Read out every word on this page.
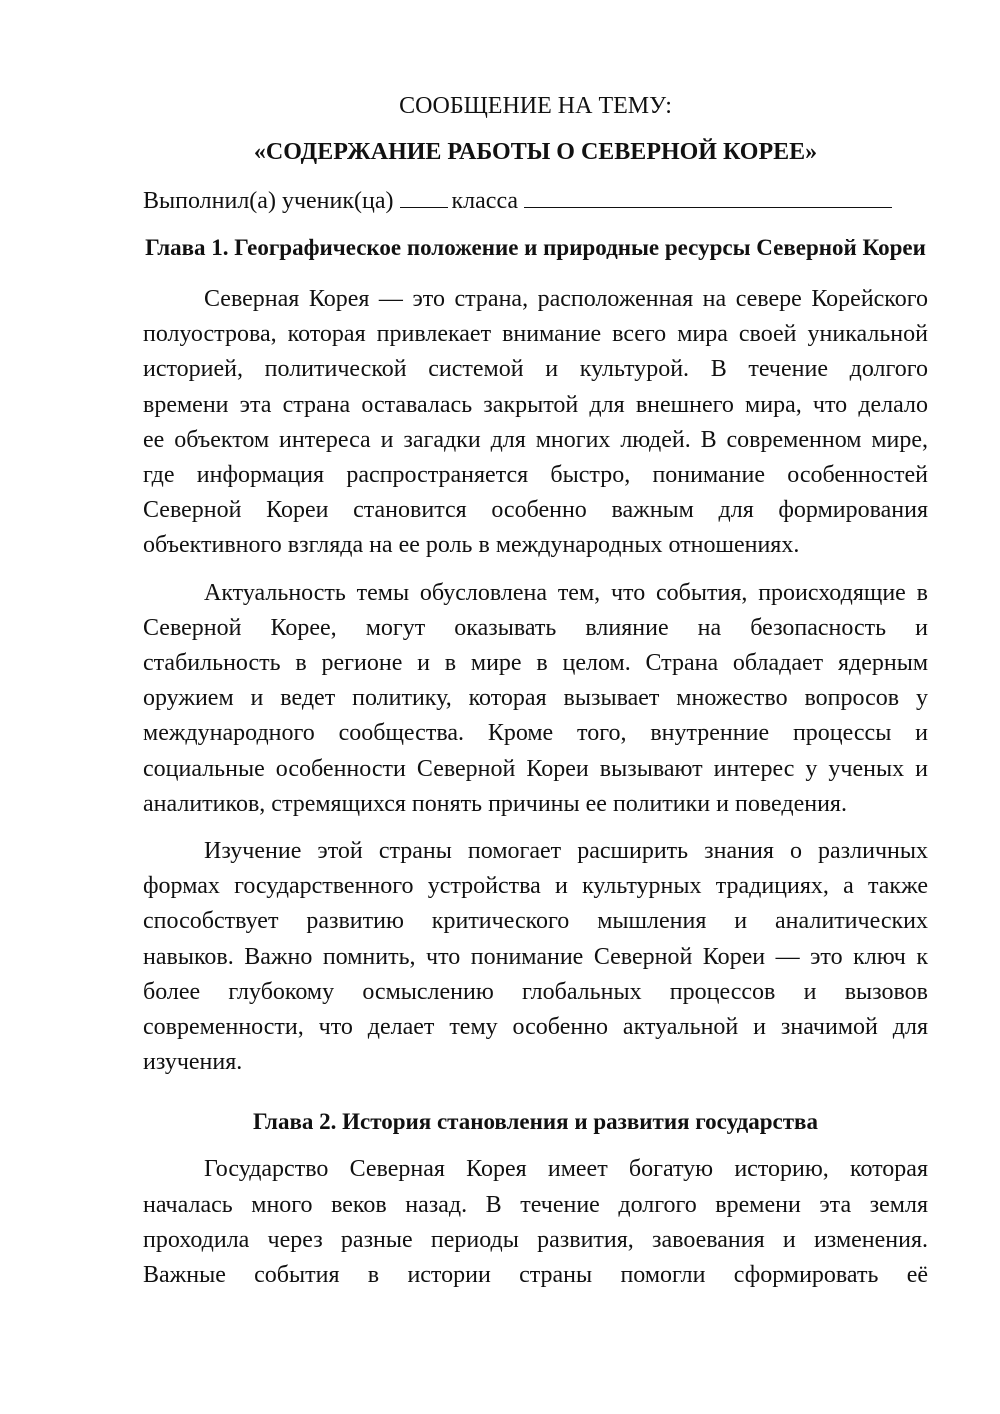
СООБЩЕНИЕ НА ТЕМУ:

«СОДЕРЖАНИЕ РАБОТЫ О СЕВЕРНОЙ КОРЕЕ»

Выполнил(а) ученик(ца) класса

Глава 1. Географическое положение и природные ресурсы Северной Кореи

Северная Корея — это страна, расположенная на севере Корейского
полуострова, которая привлекает внимание всего мира своей уникальной
историей, политической системой и культурой. В течение долгого
времени эта страна оставалась закрытой для внешнего мира, что делало
ее объектом интереса и загадки для многих людей. В современном мире,
где информация распространяется быстро, понимание особенностей
Северной Кореи становится особенно важным для формирования
объективного взгляда на ее роль в международных отношениях.

Актуальность темы обусловлена тем, что события, происходящие в
Северной Корее, могут оказывать влияние на безопасность и
стабильность в регионе и в мире в целом. Страна обладает ядерным
оружием и ведет политику, которая вызывает множество вопросов у
международного сообщества. Кроме того, внутренние процессы и
социальные особенности Северной Кореи вызывают интерес у ученых и
аналитиков, стремящихся понять причины ее политики и поведения.

Изучение этой страны помогает расширить знания о различных
формах государственного устройства и культурных традициях, а также
способствует развитию критического мышления и аналитических
навыков. Важно помнить, что понимание Северной Кореи — это ключ к
более глубокому осмыслению глобальных процессов и вызовов
современности, что делает тему особенно актуальной и значимой для
изучения.

Глава 2. История становления и развития государства

Государство Северная Корея имеет богатую историю, которая
началась много веков назад. В течение долгого времени эта земля
проходила через разные периоды развития, завоевания и изменения.
Важные события в истории страны помогли сформировать её
